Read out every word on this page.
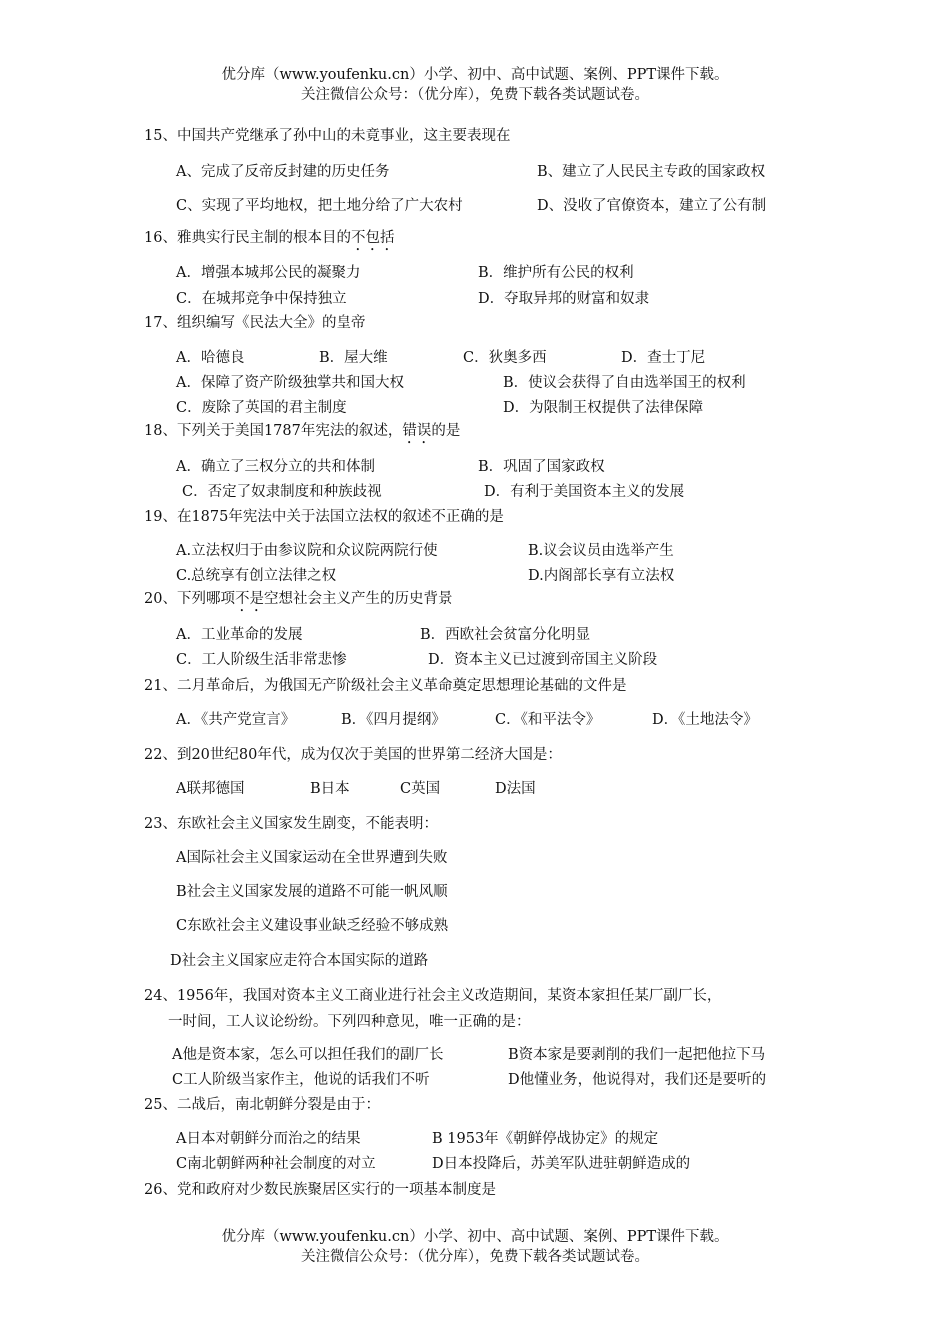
优分库（www.youfenku.cn）小学、初中、高中试题、案例、PPT课件下载。
关注微信公众号：（优分库），免费下载各类试题试卷。
15、中国共产党继承了孙中山的未竟事业，这主要表现在
A、完成了反帝反封建的历史任务	B、建立了人民民主专政的国家政权
C、实现了平均地权，把土地分给了广大农村	D、没收了官僚资本，建立了公有制
16、雅典实行民主制的根本目的不包括
A．增强本城邦公民的凝聚力	B．维护所有公民的权利
C．在城邦竞争中保持独立	D．夺取异邦的财富和奴隶
17、组织编写《民法大全》的皇帝
A．哈德良	B．屋大维	C．狄奥多西	D．查士丁尼
A．保障了资产阶级独掌共和国大权	B．使议会获得了自由选举国王的权利
C．废除了英国的君主制度	D．为限制王权提供了法律保障
18、下列关于美国1787年宪法的叙述，错误的是
A．确立了三权分立的共和体制	B．巩固了国家政权
C．否定了奴隶制度和种族歧视	D．有利于美国资本主义的发展
19、在1875年宪法中关于法国立法权的叙述不正确的是
A.立法权归于由参议院和众议院两院行使	B.议会议员由选举产生
C.总统享有创立法律之权	D.内阁部长享有立法权
20、下列哪项不是空想社会主义产生的历史背景
A．工业革命的发展	B．西欧社会贫富分化明显
C．工人阶级生活非常悲惨	D．资本主义已过渡到帝国主义阶段
21、二月革命后，为俄国无产阶级社会主义革命奠定思想理论基础的文件是
A．《共产党宣言》	B．《四月提纲》	C．《和平法令》	D．《土地法令》
22、到20世纪80年代，成为仅次于美国的世界第二经济大国是：
A联邦德国	B日本	C英国	D法国
23、东欧社会主义国家发生剧变，不能表明：
A国际社会主义国家运动在全世界遭到失败
B社会主义国家发展的道路不可能一帆风顺
C东欧社会主义建设事业缺乏经验不够成熟
D社会主义国家应走符合本国实际的道路
24、1956年，我国对资本主义工商业进行社会主义改造期间，某资本家担任某厂副厂长，
一时间，工人议论纷纷。下列四种意见，唯一正确的是：
A他是资本家，怎么可以担任我们的副厂长	B资本家是要剥削的我们一起把他拉下马
C工人阶级当家作主，他说的话我们不听	D他懂业务，他说得对，我们还是要听的
25、二战后，南北朝鲜分裂是由于：
A日本对朝鲜分而治之的结果	B 1953年《朝鲜停战协定》的规定
C南北朝鲜两种社会制度的对立	D日本投降后，苏美军队进驻朝鲜造成的
26、党和政府对少数民族聚居区实行的一项基本制度是
优分库（www.youfenku.cn）小学、初中、高中试题、案例、PPT课件下载。
关注微信公众号：（优分库），免费下载各类试题试卷。
